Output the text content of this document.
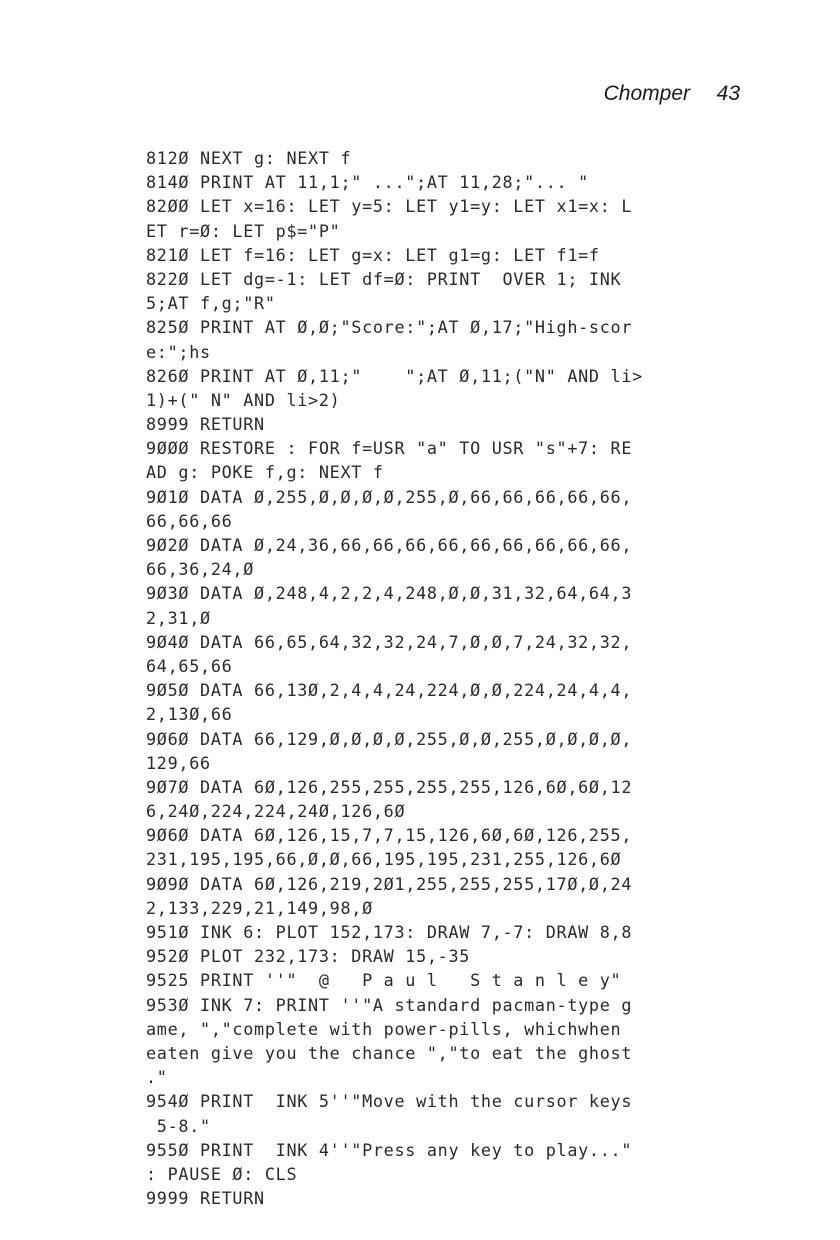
Chomper 43

812Ø NEXT g: NEXT f

814Ø PRINT AT 11,1;" ...";AT 11,28;"... "

82ØØ LET x=16: LET y=5: LET y1=y: LET x1=x: L

ET r=Ø: LET p$="P"

821Ø LET f=16: LET g=x: LET g1=g: LET f1=f

822Ø LET dg=-1: LET df=Ø: PRINT  OVER 1; INK

5;AT f,g;"R"

825Ø PRINT AT Ø,Ø;"Score:";AT Ø,17;"High-scor

e:";hs

826Ø PRINT AT Ø,11;"    ";AT Ø,11;("N" AND li>

1)+(" N" AND li>2)

8999 RETURN

9ØØØ RESTORE : FOR f=USR "a" TO USR "s"+7: RE

AD g: POKE f,g: NEXT f

9Ø1Ø DATA Ø,255,Ø,Ø,Ø,Ø,255,Ø,66,66,66,66,66,

66,66,66

9Ø2Ø DATA Ø,24,36,66,66,66,66,66,66,66,66,66,

66,36,24,Ø

9Ø3Ø DATA Ø,248,4,2,2,4,248,Ø,Ø,31,32,64,64,3

2,31,Ø

9Ø4Ø DATA 66,65,64,32,32,24,7,Ø,Ø,7,24,32,32,

64,65,66

9Ø5Ø DATA 66,13Ø,2,4,4,24,224,Ø,Ø,224,24,4,4,

2,13Ø,66

9Ø6Ø DATA 66,129,Ø,Ø,Ø,Ø,255,Ø,Ø,255,Ø,Ø,Ø,Ø,

129,66

9Ø7Ø DATA 6Ø,126,255,255,255,255,126,6Ø,6Ø,12

6,24Ø,224,224,24Ø,126,6Ø

9Ø6Ø DATA 6Ø,126,15,7,7,15,126,6Ø,6Ø,126,255,

231,195,195,66,Ø,Ø,66,195,195,231,255,126,6Ø

9Ø9Ø DATA 6Ø,126,219,2Ø1,255,255,255,17Ø,Ø,24

2,133,229,21,149,98,Ø

951Ø INK 6: PLOT 152,173: DRAW 7,-7: DRAW 8,8

952Ø PLOT 232,173: DRAW 15,-35

9525 PRINT ''"  @   P a u l   S t a n l e y"

953Ø INK 7: PRINT ''"A standard pacman-type g

ame, ","complete with power-pills, whichwhen

eaten give you the chance ","to eat the ghost

."

954Ø PRINT  INK 5''"Move with the cursor keys

5-8."

955Ø PRINT  INK 4''"Press any key to play..."

: PAUSE Ø: CLS

9999 RETURN
